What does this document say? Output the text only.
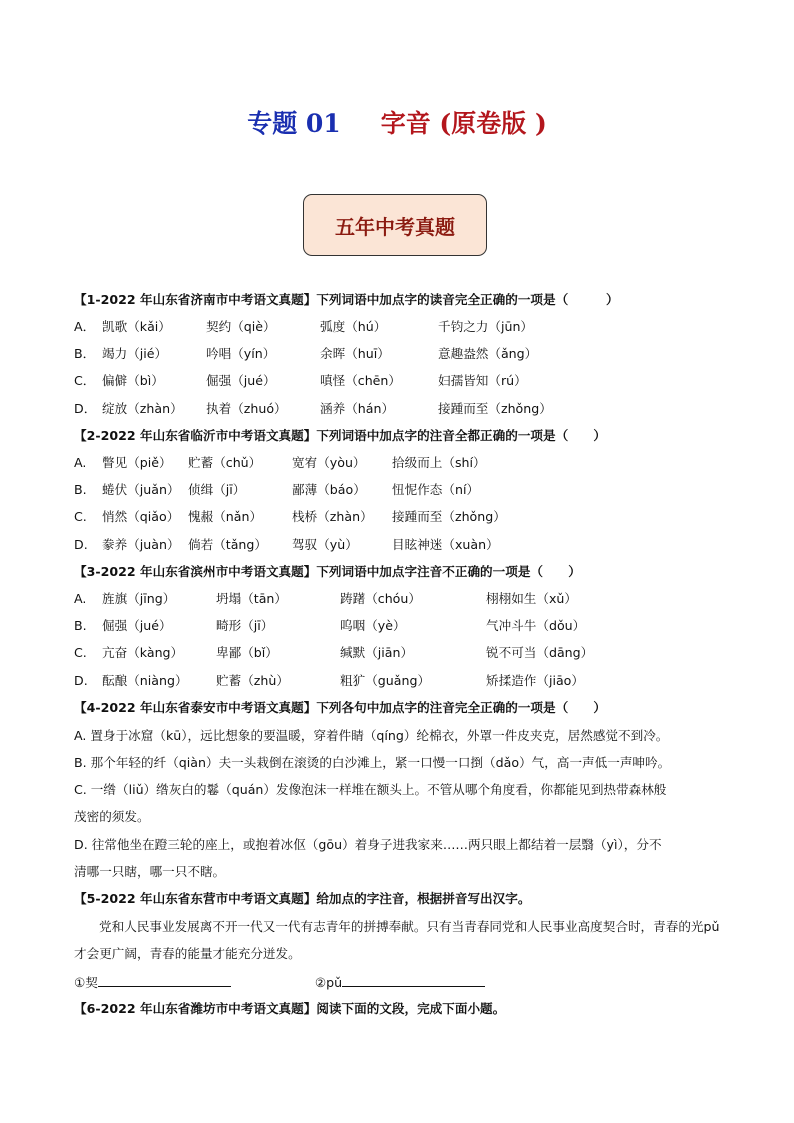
专题 01 字音 (原卷版 )
五年中考真题
【1-2022 年山东省济南市中考语文真题】下列词语中加点字的读音完全正确的一项是（　　　）
A． 凯歌（kǎi）	契约（qiè）	弧度（hú）	千钧之力（jūn）
B． 竭力（jié）	吟唱（yín）	余晖（huī）	意趣盎然（ǎng）
C． 偏僻（bì）	倔强（jué）	嗔怪（chēn）	妇孺皆知（rú）
D． 绽放（zhàn）	执着（zhuó）	涵养（hán）	接踵而至（zhǒng）
【2-2022 年山东省临沂市中考语文真题】下列词语中加点字的注音全都正确的一项是（　　）
A.	瞥见（piě）	贮蓄（chǔ）	宽宥（yòu）	拾级而上（shí）
B.	蜷伏（juǎn） 侦缉（jī）	鄙薄（báo）	忸怩作态（ní）
C.	悄然（qiǎo） 愧赧（nǎn）	栈桥（zhàn）	接踵而至（zhǒng）
D.	豢养（juàn） 倘若（tǎng）	驾驭（yù）	目眩神迷（xuàn）
【3-2022 年山东省滨州市中考语文真题】下列词语中加点字注音不正确的一项是（　　）
A.	旌旗（jīng）	坍塌（tān）	踌躇（chóu）	栩栩如生（xǔ）
B.	倔强（jué）	畸形（jī）	呜咽（yè）	气冲斗牛（dǒu）
C.	亢奋（kàng）	卑鄙（bǐ）	缄默（jiān）	锐不可当（dāng）
D.	酝酿（niàng）	贮蓄（zhù）	粗犷（guǎng）	矫揉造作（jiāo）
【4-2022 年山东省泰安市中考语文真题】下列各句中加点字的注音完全正确的一项是（　　）
A. 置身于冰窟（kū），远比想象的要温暖，穿着件睛（qíng）纶棉衣，外罩一件皮夹克，居然感觉不到冷。
B. 那个年轻的纤（qiàn）夫一头栽倒在滚烫的白沙滩上，紧一口慢一口捯（dǎo）气，高一声低一声呻吟。
C. 一绺（liǔ）绺灰白的鬈（quán）发像泡沫一样堆在额头上。不管从哪个角度看，你都能见到热带森林般
茂密的须发。
D. 往常他坐在蹬三轮的座上，或抱着冰伛（gōu）着身子进我家来……两只眼上都结着一层翳（yì），分不
清哪一只瞎，哪一只不瞎。
【5-2022 年山东省东营市中考语文真题】给加点的字注音，根据拼音写出汉字。
党和人民事业发展离不开一代又一代有志青年的拼搏奉献。只有当青春同党和人民事业高度契合时，青春的光pǔ才会更广阔，青春的能量才能充分迸发。
①契	②pǔ
【6-2022 年山东省潍坊市中考语文真题】阅读下面的文段，完成下面小题。
